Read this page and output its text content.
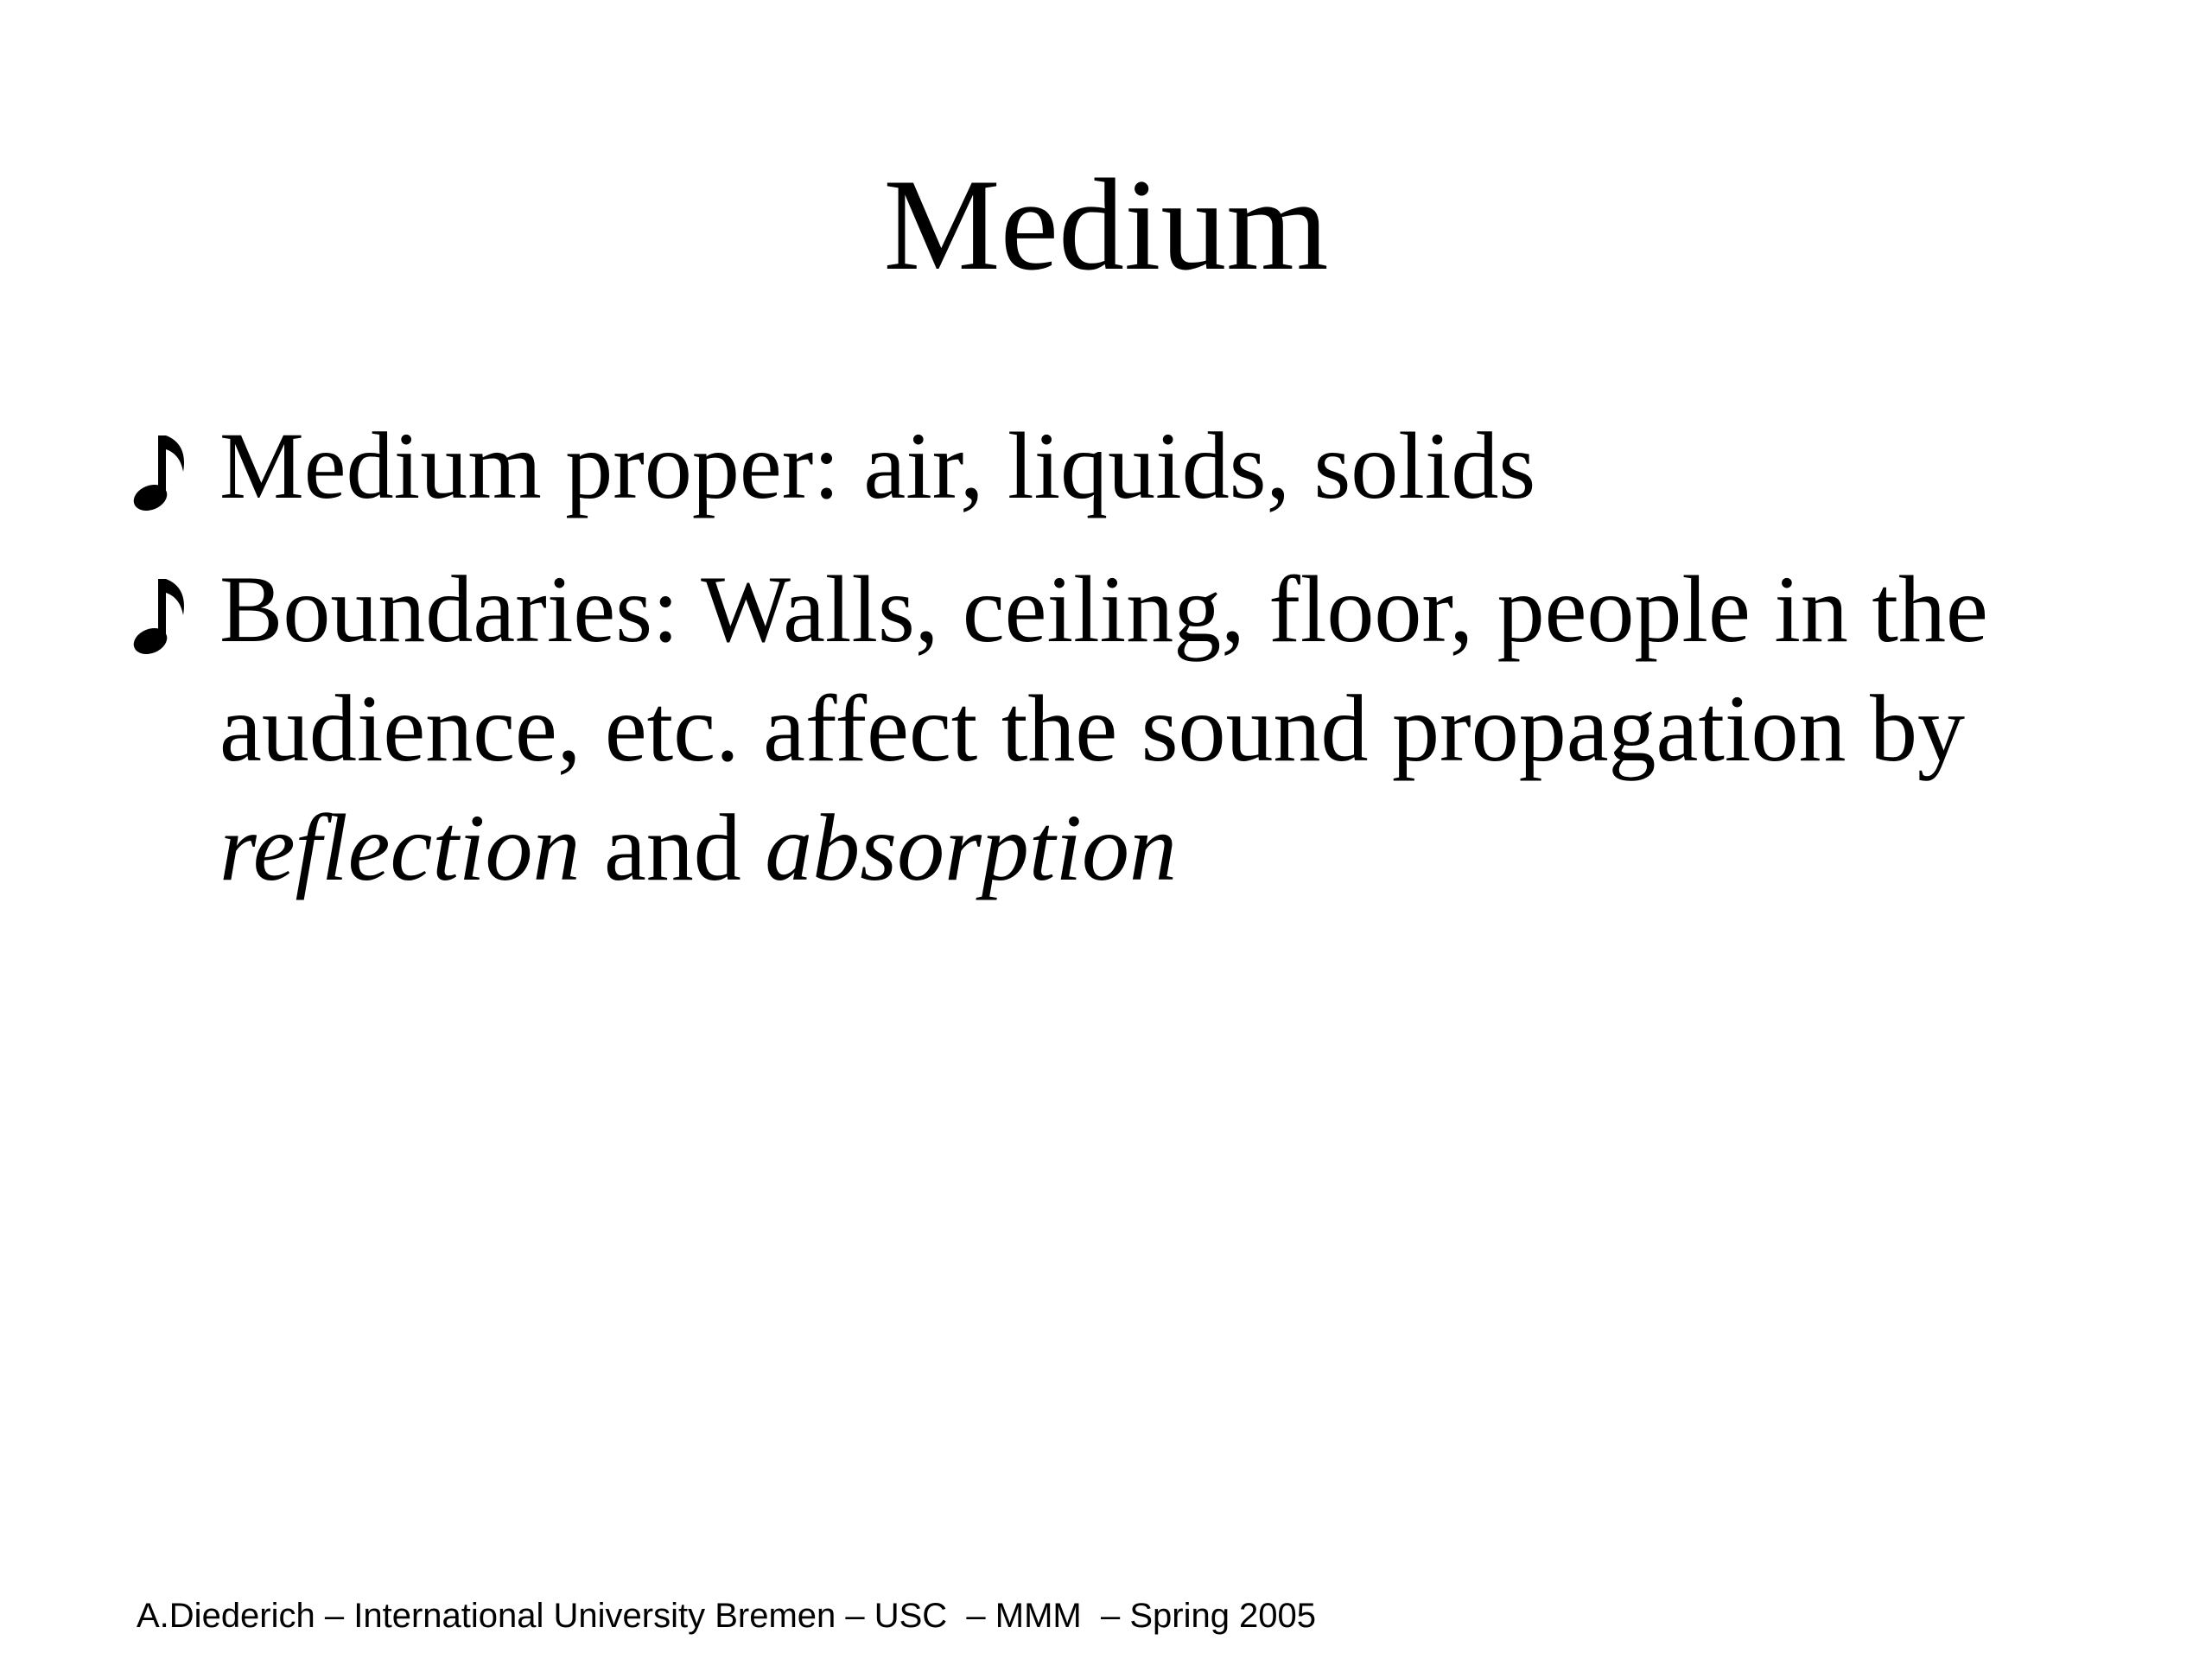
Medium
Medium proper: air, liquids, solids
Boundaries: Walls, ceiling, floor, people in the audience, etc. affect the sound propagation by reflection and absorption
A.Diederich – International University Bremen – USC  – MMM  – Spring 2005
